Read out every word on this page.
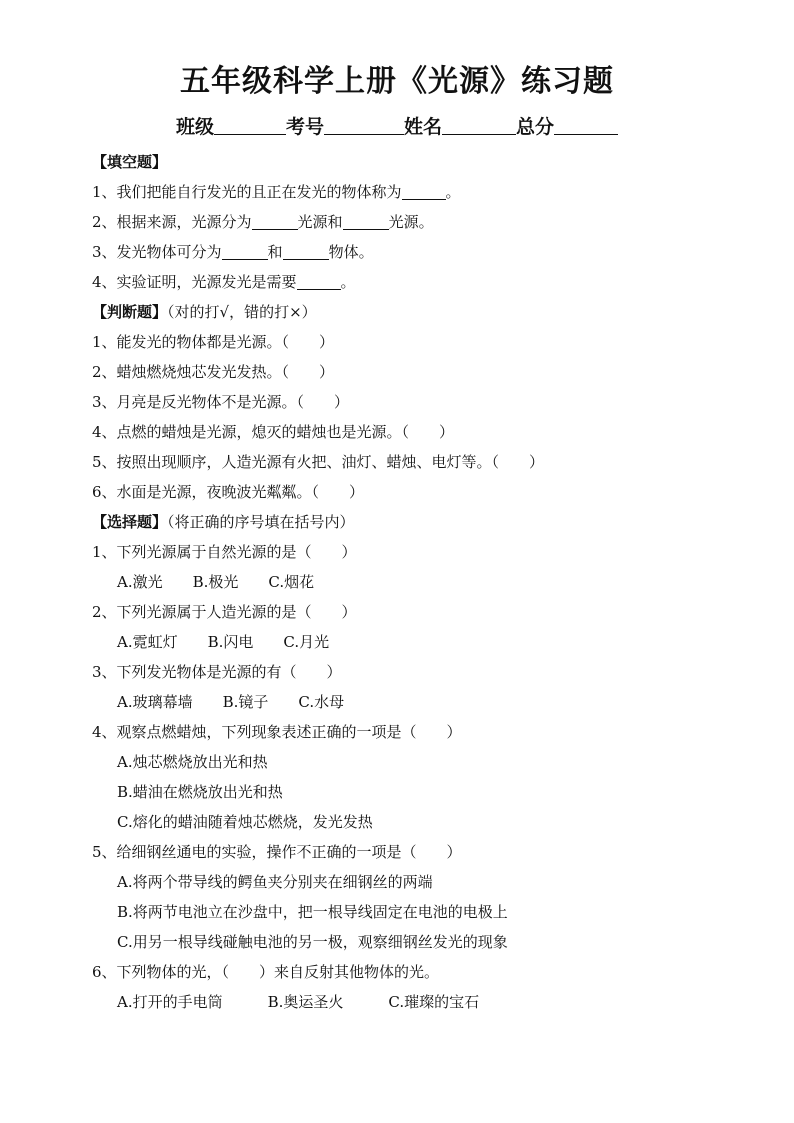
五年级科学上册《光源》练习题
班级	考号	姓名	总分
【填空题】
1、我们把能自行发光的且正在发光的物体称为	。
2、根据来源，光源分为	光源和	光源。
3、发光物体可分为	和	物体。
4、实验证明，光源发光是需要	。
【判断题】（对的打√，错的打×）
1、能发光的物体都是光源。（　　）
2、蜡烛燃烧烛芯发光发热。（　　）
3、月亮是反光物体不是光源。（　　）
4、点燃的蜡烛是光源，熄灭的蜡烛也是光源。（　　）
5、按照出现顺序，人造光源有火把、油灯、蜡烛、电灯等。（　　）
6、水面是光源，夜晚波光粼粼。（　　）
【选择题】（将正确的序号填在括号内）
1、下列光源属于自然光源的是（　　）
A.激光　　B.极光　　C.烟花
2、下列光源属于人造光源的是（　　）
A.霓虹灯　　B.闪电　　C.月光
3、下列发光物体是光源的有（　　）
A.玻璃幕墙　　B.镜子　　C.水母
4、观察点燃蜡烛，下列现象表述正确的一项是（　　）
A.烛芯燃烧放出光和热
B.蜡油在燃烧放出光和热
C.熔化的蜡油随着烛芯燃烧，发光发热
5、给细钢丝通电的实验，操作不正确的一项是（　　）
A.将两个带导线的鳄鱼夹分别夹在细钢丝的两端
B.将两节电池立在沙盘中，把一根导线固定在电池的电极上
C.用另一根导线碰触电池的另一极，观察细钢丝发光的现象
6、下列物体的光，（　　）来自反射其他物体的光。
A.打开的手电筒　　　B.奥运圣火　　　C.璀璨的宝石
